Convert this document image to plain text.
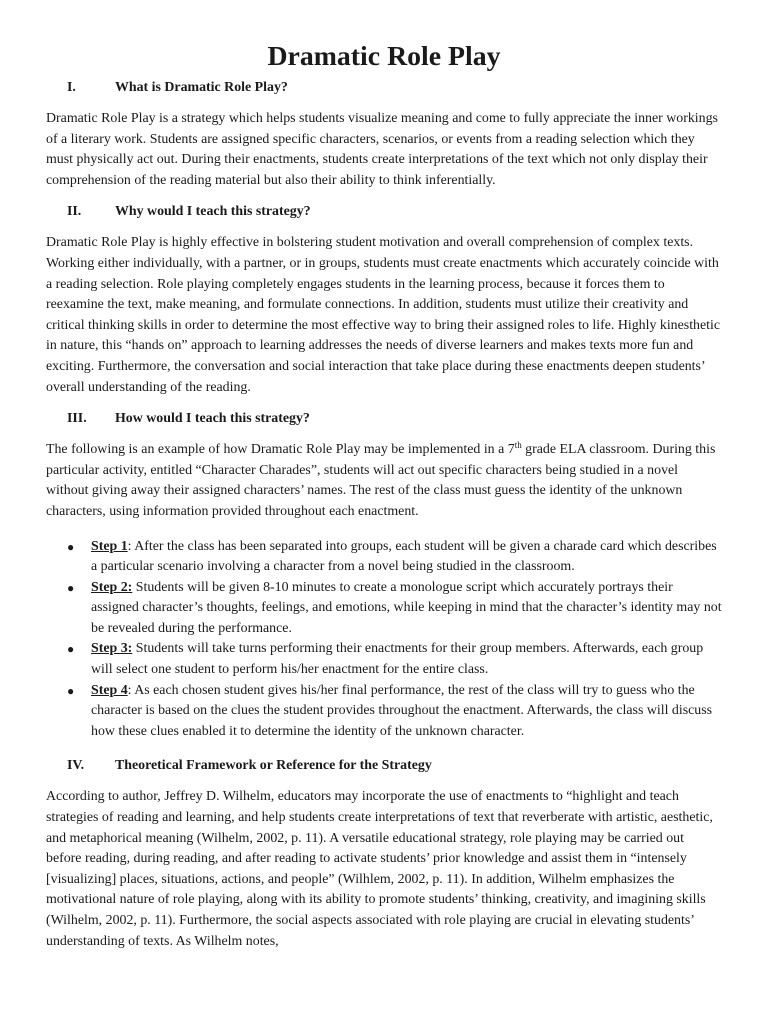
Dramatic Role Play
I.	What is Dramatic Role Play?

Dramatic Role Play is a strategy which helps students visualize meaning and come to fully appreciate the inner workings of a literary work. Students are assigned specific characters, scenarios, or events from a reading selection which they must physically act out. During their enactments, students create interpretations of the text which not only display their comprehension of the reading material but also their ability to think inferentially.

II.	Why would I teach this strategy?

Dramatic Role Play is highly effective in bolstering student motivation and overall comprehension of complex texts. Working either individually, with a partner, or in groups, students must create enactments which accurately coincide with a reading selection. Role playing completely engages students in the learning process, because it forces them to reexamine the text, make meaning, and formulate connections. In addition, students must utilize their creativity and critical thinking skills in order to determine the most effective way to bring their assigned roles to life. Highly kinesthetic in nature, this “hands on” approach to learning addresses the needs of diverse learners and makes texts more fun and exciting. Furthermore, the conversation and social interaction that take place during these enactments deepen students’ overall understanding of the reading.

III.	How would I teach this strategy?

The following is an example of how Dramatic Role Play may be implemented in a 7th grade ELA classroom. During this particular activity, entitled “Character Charades”, students will act out specific characters being studied in a novel without giving away their assigned characters’ names. The rest of the class must guess the identity of the unknown characters, using information provided throughout each enactment.

● Step 1: After the class has been separated into groups, each student will be given a charade card which describes a particular scenario involving a character from a novel being studied in the classroom.
● Step 2: Students will be given 8-10 minutes to create a monologue script which accurately portrays their assigned character’s thoughts, feelings, and emotions, while keeping in mind that the character’s identity may not be revealed during the performance.
● Step 3: Students will take turns performing their enactments for their group members. Afterwards, each group will select one student to perform his/her enactment for the entire class.
● Step 4: As each chosen student gives his/her final performance, the rest of the class will try to guess who the character is based on the clues the student provides throughout the enactment. Afterwards, the class will discuss how these clues enabled it to determine the identity of the unknown character.
IV.	Theoretical Framework or Reference for the Strategy

According to author, Jeffrey D. Wilhelm, educators may incorporate the use of enactments to “highlight and teach strategies of reading and learning, and help students create interpretations of text that reverberate with artistic, aesthetic, and metaphorical meaning (Wilhelm, 2002, p. 11). A versatile educational strategy, role playing may be carried out before reading, during reading, and after reading to activate students’ prior knowledge and assist them in “intensely [visualizing] places, situations, actions, and people” (Wilhlem, 2002, p. 11). In addition, Wilhelm emphasizes the motivational nature of role playing, along with its ability to promote students’ thinking, creativity, and imagining skills (Wilhelm, 2002, p. 11). Furthermore, the social aspects associated with role playing are crucial in elevating students’ understanding of texts. As Wilhelm notes,
